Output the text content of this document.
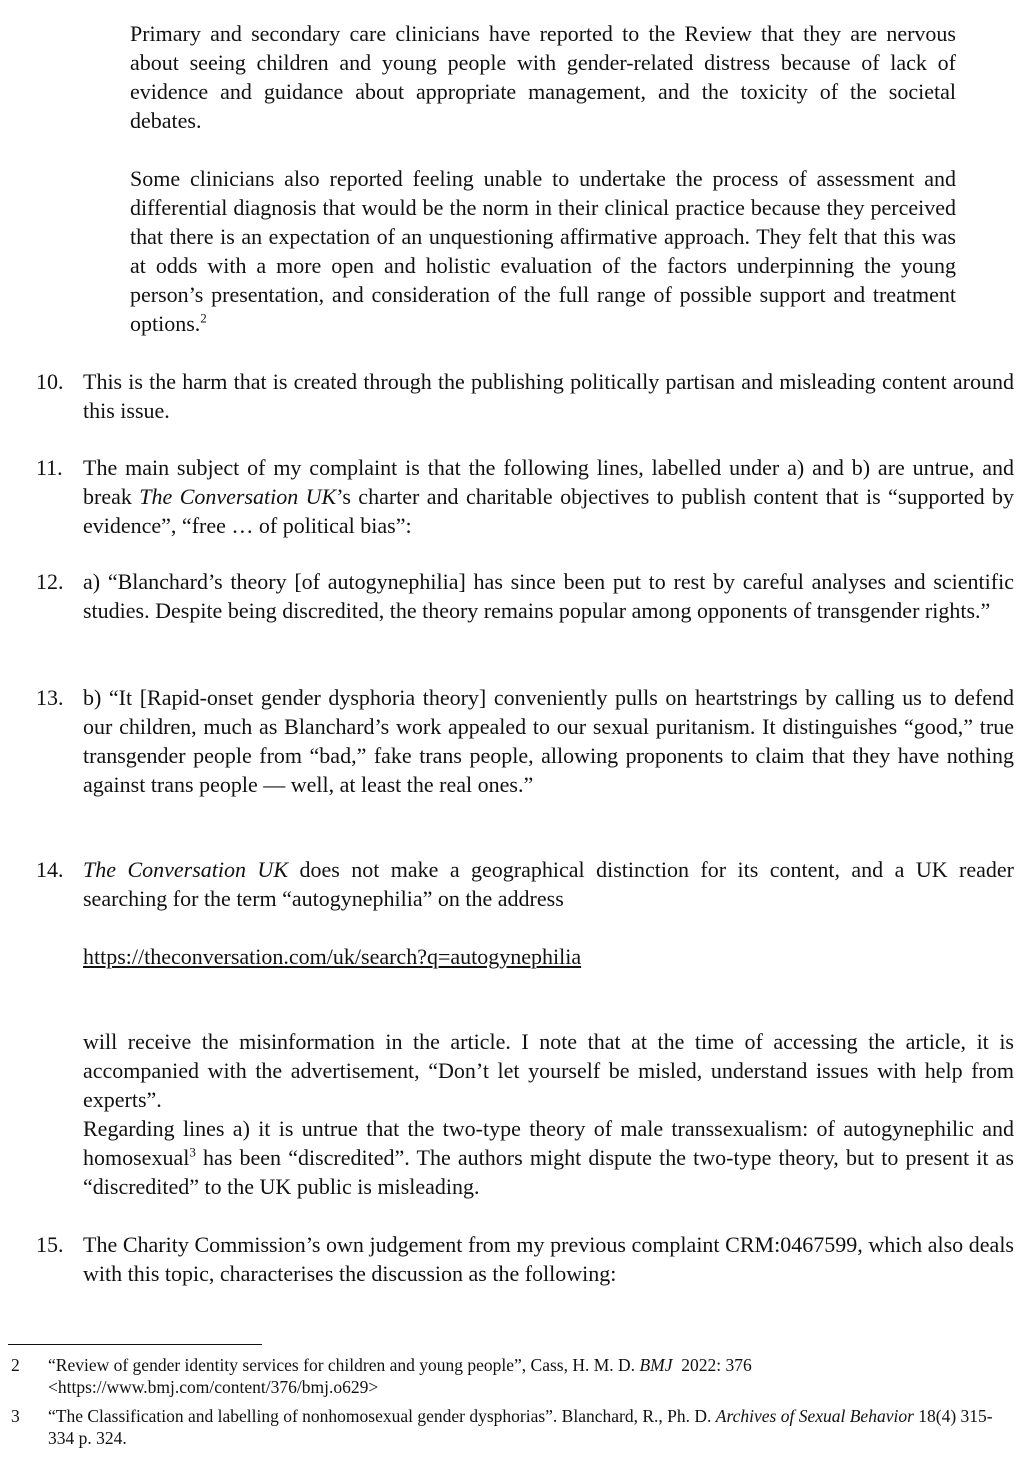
Primary and secondary care clinicians have reported to the Review that they are nervous about seeing children and young people with gender-related distress because of lack of evidence and guidance about appropriate management, and the toxicity of the societal debates.
Some clinicians also reported feeling unable to undertake the process of assessment and differential diagnosis that would be the norm in their clinical practice because they perceived that there is an expectation of an unquestioning affirmative approach. They felt that this was at odds with a more open and holistic evaluation of the factors underpinning the young person’s presentation, and consideration of the full range of possible support and treatment options.$^2$
10. This is the harm that is created through the publishing politically partisan and misleading content around this issue.
11. The main subject of my complaint is that the following lines, labelled under a) and b) are untrue, and break The Conversation UK’s charter and charitable objectives to publish content that is “supported by evidence”, “free … of political bias”:
12. a) “Blanchard’s theory [of autogynephilia] has since been put to rest by careful analyses and scientific studies. Despite being discredited, the theory remains popular among opponents of transgender rights.”
13. b) “It [Rapid-onset gender dysphoria theory] conveniently pulls on heartstrings by calling us to defend our children, much as Blanchard’s work appealed to our sexual puritanism. It distinguishes “good,” true transgender people from “bad,” fake trans people, allowing proponents to claim that they have nothing against trans people — well, at least the real ones.”
14. The Conversation UK does not make a geographical distinction for its content, and a UK reader searching for the term “autogynephilia” on the address
https://theconversation.com/uk/search?q=autogynephilia
will receive the misinformation in the article. I note that at the time of accessing the article, it is accompanied with the advertisement, “Don’t let yourself be misled, understand issues with help from experts”.
Regarding lines a) it is untrue that the two-type theory of male transsexualism: of autogynephilic and homosexual$^3$ has been “discredited”. The authors might dispute the two-type theory, but to present it as “discredited” to the UK public is misleading.
15. The Charity Commission’s own judgement from my previous complaint CRM:0467599, which also deals with this topic, characterises the discussion as the following:
2 “Review of gender identity services for children and young people”, Cass, H. M. D. BMJ  2022: 376
<https://www.bmj.com/content/376/bmj.o629>
3 “The Classification and labelling of nonhomosexual gender dysphorias”. Blanchard, R., Ph. D. Archives of Sexual Behavior 18(4) 315-334 p. 324.
